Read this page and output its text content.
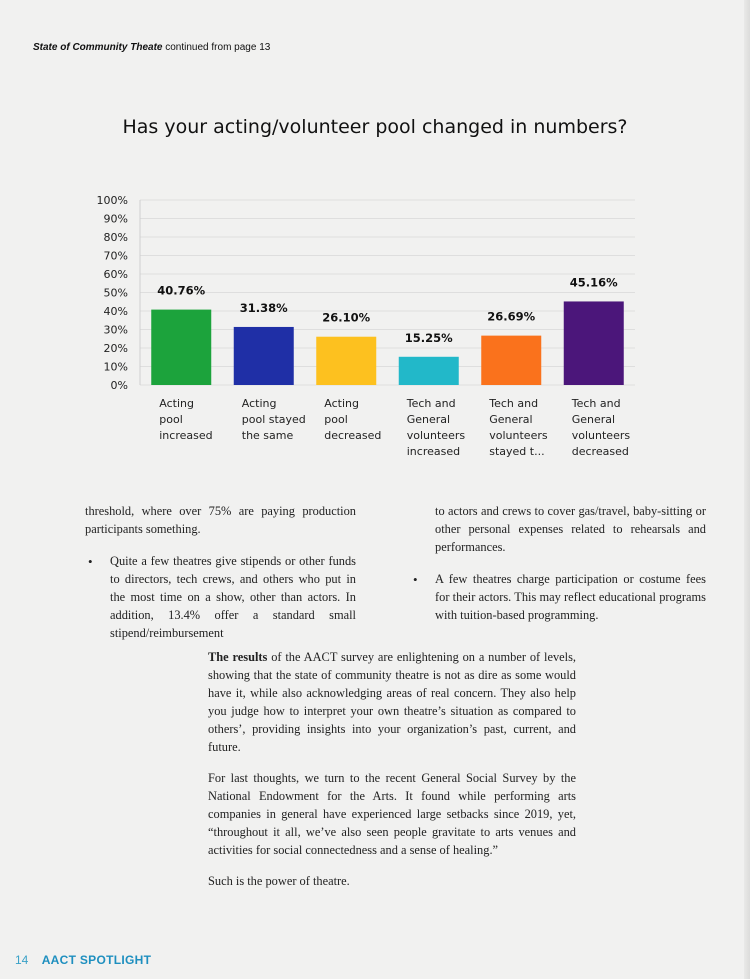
State of Community Theate continued from page 13
Has your acting/volunteer pool changed in numbers?
0%
10%
20%
30%
40%
50%
60%
70%
80%
90%
100%
40.76%
Acting pool increased
31.38%
Acting pool stayed the same
26.10%
Acting pool decreased
15.25%
Tech and General volunteers increased
26.69%
Tech and General volunteers stayed t...
45.16%
Tech and General volunteers decreased

threshold, where over 75% are paying production participants something.

• Quite a few theatres give stipends or other funds to directors, tech crews, and others who put in the most time on a show, other than actors. In addition, 13.4% offer a standard small stipend/reimbursement

to actors and crews to cover gas/travel, baby-sitting or other personal expenses related to rehearsals and performances.

• A few theatres charge participation or costume fees for their actors. This may reflect educational programs with tuition-based programming.

The results of the AACT survey are enlightening on a number of levels, showing that the state of community theatre is not as dire as some would have it, while also acknowledging areas of real concern. They also help you judge how to interpret your own theatre’s situation as compared to others’, providing insights into your organization’s past, current, and future.

For last thoughts, we turn to the recent General Social Survey by the National Endowment for the Arts. It found while performing arts companies in general have experienced large setbacks since 2019, yet, “throughout it all, we’ve also seen people gravitate to arts venues and activities for social connectedness and a sense of healing.”

Such is the power of theatre.

14 AACT SPOTLIGHT
